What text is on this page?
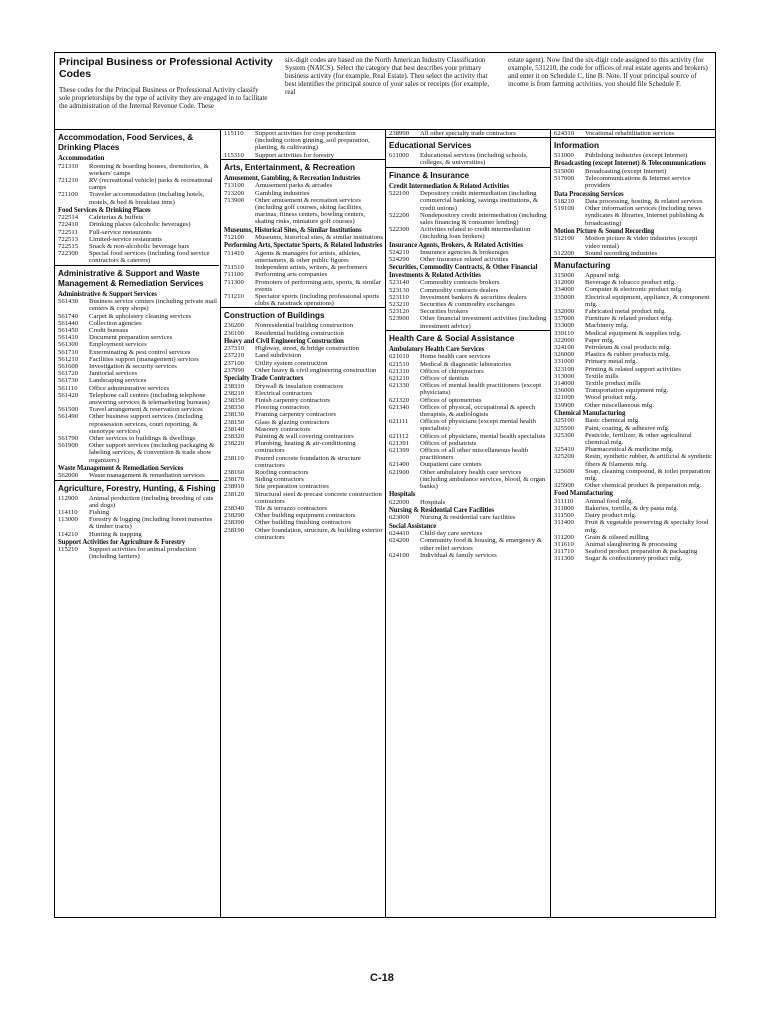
Principal Business or Professional Activity Codes
These codes for the Principal Business or Professional Activity classify sole proprietorships by the type of activity they are engaged in to facilitate the administration of the Internal Revenue Code. These
six-digit codes are based on the North American Industry Classification System (NAICS). Select the category that best describes your primary business activity (for example, Real Estate). Then select the activity that best identifies the principal source of your sales or receipts (for example, real
estate agent). Now find the six-digit code assigned to this activity (for example, 531210, the code for offices of real estate agents and brokers) and enter it on Schedule C, line B. Note. If your principal source of income is from farming activities, you should file Schedule F.
Accommodation, Food Services, & Drinking Places
Accommodation
721310	Rooming & boarding houses, dormitories, & workers' camps
721210	RV (recreational vehicle) parks & recreational camps
721100	Traveler accommodation (including hotels, motels, & bed & breakfast inns)
Food Services & Drinking Places
722514	Cafeterias & buffets
722410	Drinking places (alcoholic beverages)
722511	Full-service restaurants
722513	Limited-service restaurants
722515	Snack & non-alcoholic beverage bars
722300	Special food services (including food service contractors & caterers)
Administrative & Support and Waste Management & Remediation Services
Administrative & Support Services
561430	Business service centers (including private mail centers & copy shops)
561740	Carpet & upholstery cleaning services
561440	Collection agencies
561450	Credit bureaus
561410	Document preparation services
561300	Employment services
561710	Exterminating & pest control services
561210	Facilities support (management) services
561600	Investigation & security services
561720	Janitorial services
561730	Landscaping services
561110	Office administrative services
561420	Telephone call centers (including telephone answering services & telemarketing bureaus)
561500	Travel arrangement & reservation services
561490	Other business support services (including repossession services, court reporting, & stenotype services)
561790	Other services to buildings & dwellings
561900	Other support services (including packaging & labeling services, & convention & trade show organizers)
Waste Management & Remediation Services
562000	Waste management & remediation services
Agriculture, Forestry, Hunting, & Fishing
112900	Animal production (including breeding of cats and dogs)
114110	Fishing
113000	Forestry & logging (including forest nurseries & timber tracts)
114210	Hunting & trapping
Support Activities for Agriculture & Forestry
115210	Support activities for animal production (including farriers)
115110	Support activities for crop production (including cotton ginning, soil preparation, planting, & cultivating)
115310	Support activities for forestry
Arts, Entertainment, & Recreation
Amusement, Gambling, & Recreation Industries
713100	Amusement parks & arcades
713200	Gambling industries
713900	Other amusement & recreation services (including golf courses, skiing facilities, marinas, fitness centers, bowling centers, skating rinks, miniature golf courses)
Museums, Historical Sites, & Similar Institutions
712100	Museums, historical sites, & similar institutions
Performing Arts, Spectator Sports, & Related Industries
711410	Agents & managers for artists, athletes, entertainers, & other public figures
711510	Independent artists, writers, & performers
711100	Performing arts companies
711300	Promoters of performing arts, sports, & similar events
711210	Spectator sports (including professional sports clubs & racetrack operations)
Construction of Buildings
236200	Nonresidential building construction
236100	Residential building construction
Heavy and Civil Engineering Construction
237310	Highway, street, & bridge construction
237210	Land subdivision
237100	Utility system construction
237990	Other heavy & civil engineering construction
Specialty Trade Contractors
238310	Drywall & insulation contractors
238210	Electrical contractors
238350	Finish carpentry contractors
238330	Flooring contractors
238130	Framing carpentry contractors
238150	Glass & glazing contractors
238140	Masonry contractors
238320	Painting & wall covering contractors
238220	Plumbing, heating & air-conditioning contractors
238110	Poured concrete foundation & structure contractors
238160	Roofing contractors
238170	Siding contractors
238910	Site preparation contractors
238120	Structural steel & precast concrete construction contractors
238340	Tile & terrazzo contractors
238290	Other building equipment contractors
238390	Other building finishing contractors
238190	Other foundation, structure, & building exterior contractors
238990	All other specialty trade contractors
Educational Services
611000	Educational services (including schools, colleges, & universities)
Finance & Insurance
Credit Intermediation & Related Activities
522100	Depository credit intermediation (including commercial banking, savings institutions, & credit unions)
522200	Nondepository credit intermediation (including sales financing & consumer lending)
522300	Activities related to credit intermediation (including loan brokers)
Insurance Agents, Brokers, & Related Activities
524210	Insurance agencies & brokerages
524290	Other insurance related activities
Securities, Commodity Contracts, & Other Financial Investments & Related Activities
523140	Commodity contracts brokers
523130	Commodity contracts dealers
523110	Investment bankers & securities dealers
523210	Securities & commodity exchanges
523120	Securities brokers
523900	Other financial investment activities (including investment advice)
Health Care & Social Assistance
Ambulatory Health Care Services
621610	Home health care services
621510	Medical & diagnostic laboratories
621310	Offices of chiropractors
621210	Offices of dentists
621330	Offices of mental health practitioners (except physicians)
621320	Offices of optometrists
621340	Offices of physical, occupational & speech therapists, & audiologists
621111	Offices of physicians (except mental health specialists)
621112	Offices of physicians, mental health specialists
621391	Offices of podiatrists
621399	Offices of all other miscellaneous health practitioners
621400	Outpatient care centers
621900	Other ambulatory health care services (including ambulance services, blood, & organ banks)
Hospitals
622000	Hospitals
Nursing & Residential Care Facilities
623000	Nursing & residential care facilities
Social Assistance
624410	Child day care services
624200	Community food & housing, & emergency & other relief services
624100	Individual & family services
624310	Vocational rehabilitation services
Information
511000	Publishing industries (except Internet)
Broadcasting (except Internet) & Telecommunications
515000	Broadcasting (except Internet)
517000	Telecommunications & Internet service providers
Data Processing Services
518210	Data processing, hosting, & related services
519100	Other information services (including news syndicates & libraries, Internet publishing & broadcasting)
Motion Picture & Sound Recording
512100	Motion picture & video industries (except video rental)
512200	Sound recording industries
Manufacturing
315000	Apparel mfg.
312000	Beverage & tobacco product mfg.
334000	Computer & electronic product mfg.
335000	Electrical equipment, appliance, & component mfg.
332000	Fabricated metal product mfg.
337000	Furniture & related product mfg.
333000	Machinery mfg.
339110	Medical equipment & supplies mfg.
322000	Paper mfg.
324100	Petroleum & coal products mfg.
326000	Plastics & rubber products mfg.
331000	Primary metal mfg.
323100	Printing & related support activities
313000	Textile mills
314000	Textile product mills
336000	Transportation equipment mfg.
321000	Wood product mfg.
339900	Other miscellaneous mfg.
Chemical Manufacturing
325100	Basic chemical mfg.
325500	Paint, coating, & adhesive mfg.
325300	Pesticide, fertilizer, & other agricultural chemical mfg.
325410	Pharmaceutical & medicine mfg.
325200	Resin, synthetic rubber, & artificial & synthetic fibers & filaments mfg.
325600	Soap, cleaning compound, & toilet preparation mfg.
325900	Other chemical product & preparation mfg.
Food Manufacturing
311110	Animal food mfg.
311800	Bakeries, tortilla, & dry pasta mfg.
311500	Dairy product mfg.
311400	Fruit & vegetable preserving & specialty food mfg.
311200	Grain & oilseed milling
311610	Animal slaughtering & processing
311710	Seafood product preparation & packaging
311300	Sugar & confectionery product mfg.
C-18
